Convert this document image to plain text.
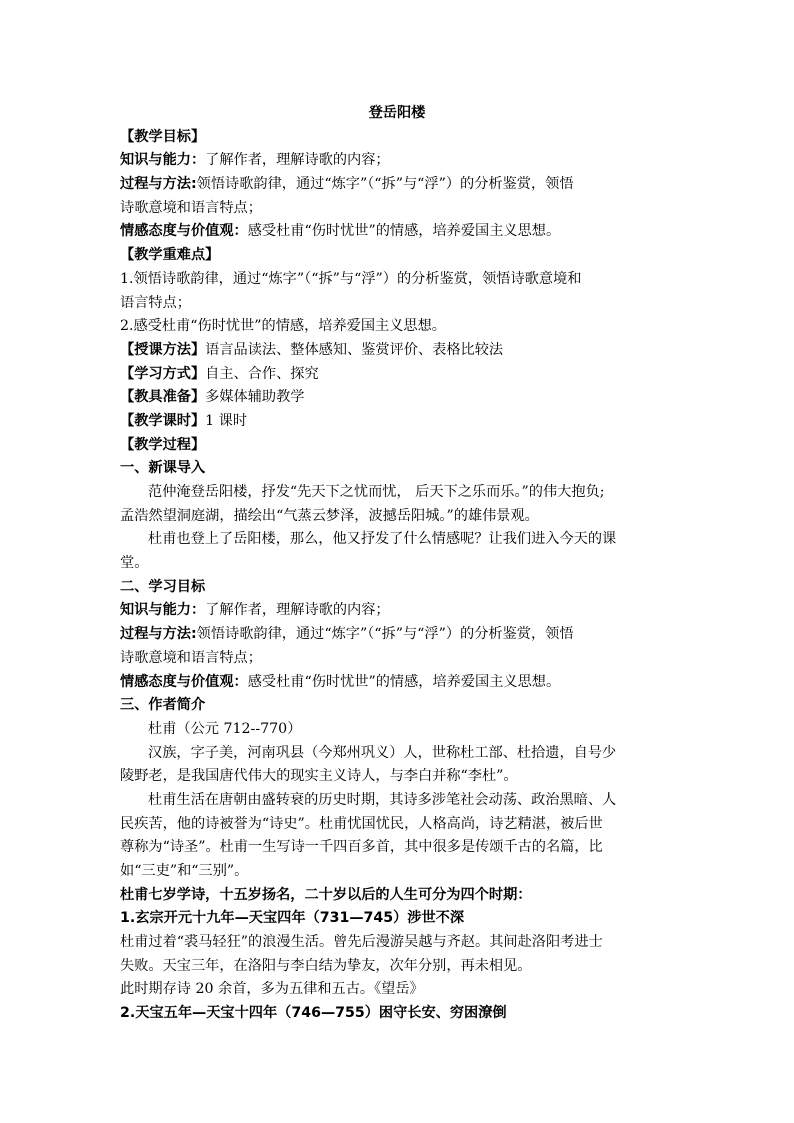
登岳阳楼
【教学目标】
知识与能力：了解作者，理解诗歌的内容；
过程与方法:领悟诗歌韵律，通过“炼字”（“拆”与“浮”）的分析鉴赏，领悟
诗歌意境和语言特点；
情感态度与价值观：感受杜甫“伤时忧世”的情感，培养爱国主义思想。
【教学重难点】
1.领悟诗歌韵律，通过“炼字”（“拆”与“浮”）的分析鉴赏，领悟诗歌意境和
语言特点；
2.感受杜甫“伤时忧世”的情感，培养爱国主义思想。
【授课方法】语言品读法、整体感知、鉴赏评价、表格比较法
【学习方式】自主、合作、探究
【教具准备】多媒体辅助教学
【教学课时】1 课时
【教学过程】
一、新课导入
范仲淹登岳阳楼，抒发“先天下之忧而忧， 后天下之乐而乐。”的伟大抱负;
孟浩然望洞庭湖，描绘出“气蒸云梦泽，波撼岳阳城。”的雄伟景观。
杜甫也登上了岳阳楼，那么，他又抒发了什么情感呢？让我们进入今天的课
堂。
二、学习目标
知识与能力：了解作者，理解诗歌的内容；
过程与方法:领悟诗歌韵律，通过“炼字”（“拆”与“浮”）的分析鉴赏，领悟
诗歌意境和语言特点；
情感态度与价值观：感受杜甫“伤时忧世”的情感，培养爱国主义思想。
三、作者简介
杜甫（公元 712--770）
汉族，字子美，河南巩县（今郑州巩义）人，世称杜工部、杜拾遗，自号少
陵野老，是我国唐代伟大的现实主义诗人，与李白并称“李杜”。
杜甫生活在唐朝由盛转衰的历史时期，其诗多涉笔社会动荡、政治黑暗、人
民疾苦，他的诗被誉为“诗史”。杜甫忧国忧民，人格高尚，诗艺精湛，被后世
尊称为“诗圣”。杜甫一生写诗一千四百多首，其中很多是传颂千古的名篇，比
如“三吏”和“三别”。
杜甫七岁学诗，十五岁扬名，二十岁以后的人生可分为四个时期：
1.玄宗开元十九年—天宝四年（731—745）涉世不深
杜甫过着“裘马轻狂”的浪漫生活。曾先后漫游吴越与齐赵。其间赴洛阳考进士
失败。天宝三年，在洛阳与李白结为挚友，次年分别，再未相见。
此时期存诗 20 余首，多为五律和五古。《望岳》
2.天宝五年—天宝十四年（746—755）困守长安、穷困潦倒
